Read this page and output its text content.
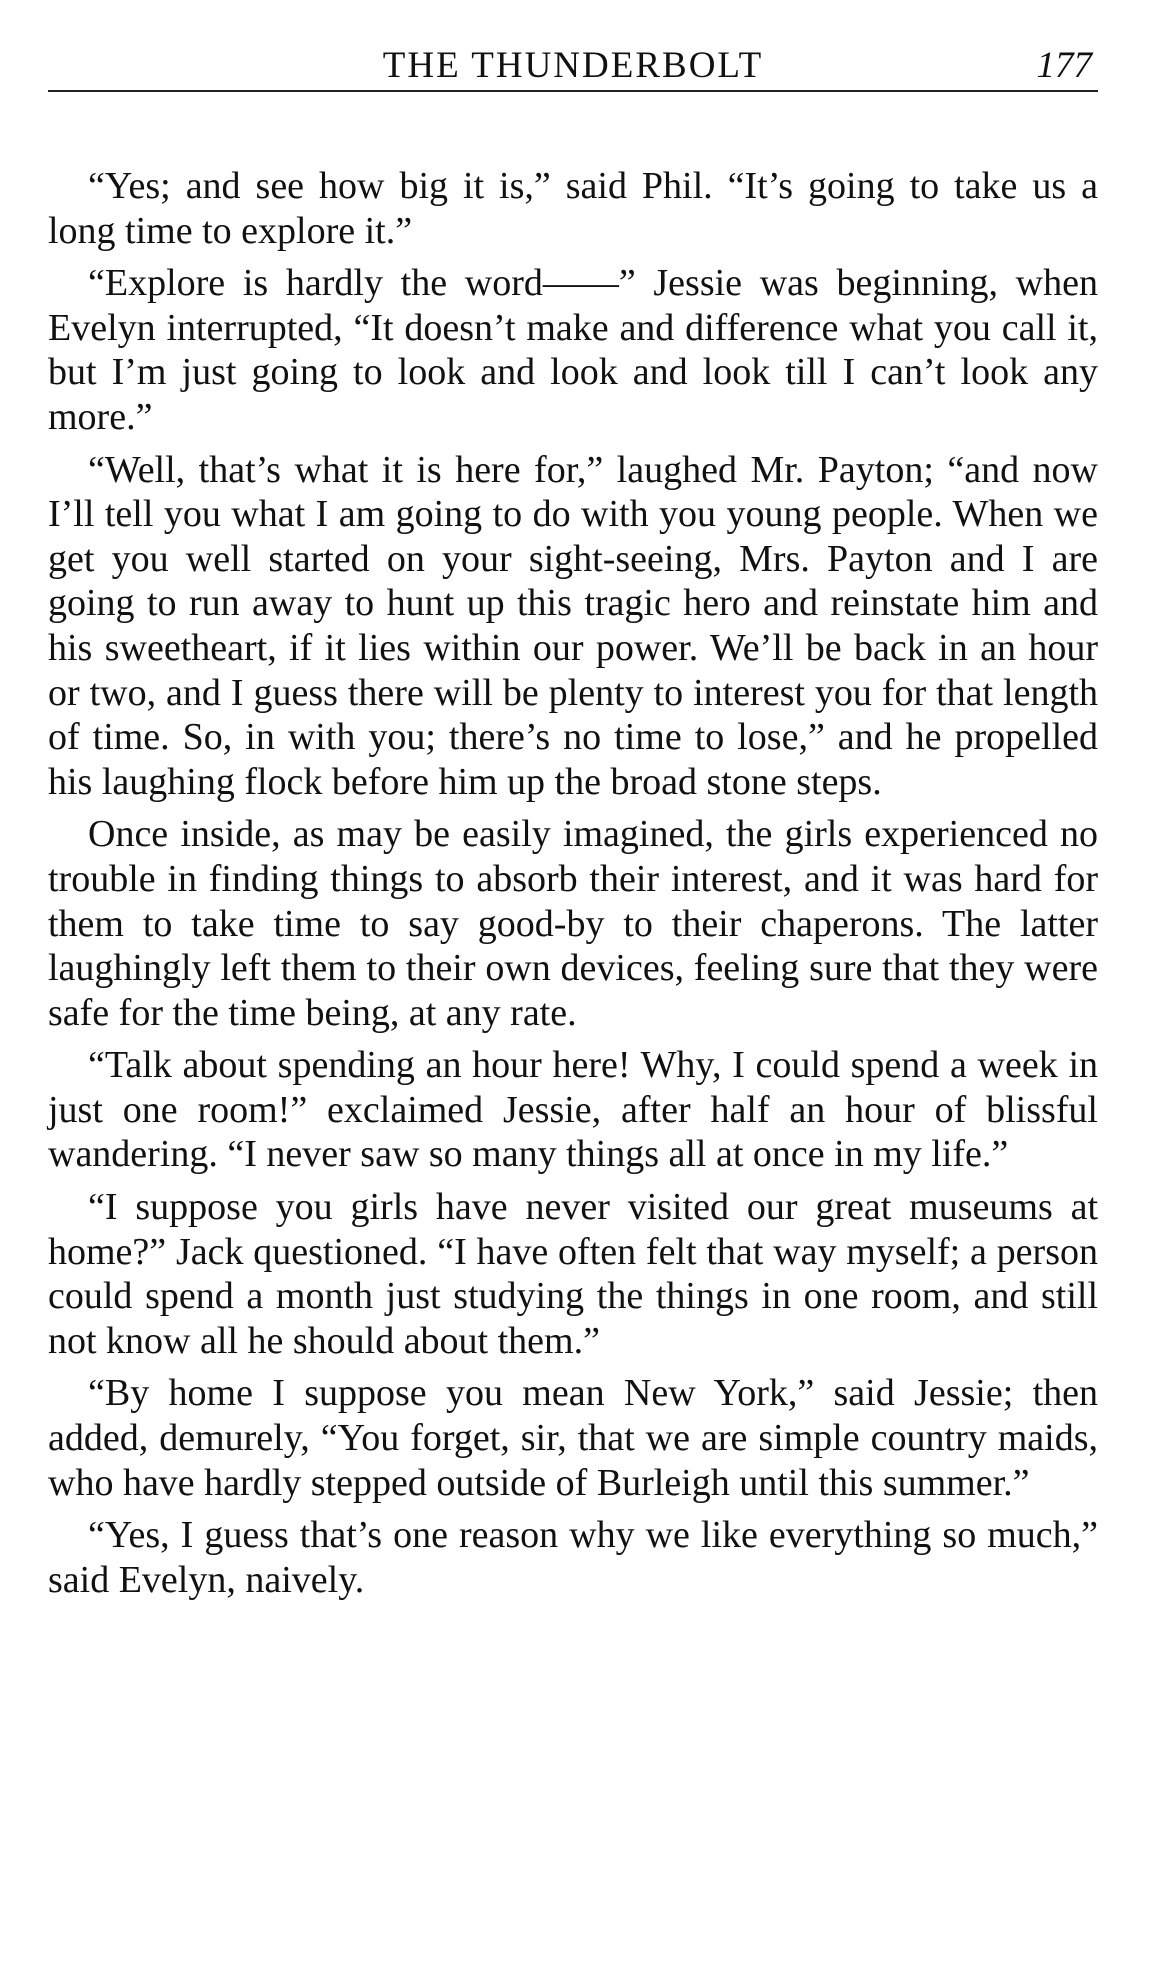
THE THUNDERBOLT	177

“Yes; and see how big it is,” said Phil. “It’s going to take us a long time to explore it.”

“Explore is hardly the word——” Jessie was beginning, when Evelyn interrupted, “It doesn’t make and difference what you call it, but I’m just going to look and look and look till I can’t look any more.”

“Well, that’s what it is here for,” laughed Mr. Payton; “and now I’ll tell you what I am going to do with you young people. When we get you well started on your sight-seeing, Mrs. Payton and I are going to run away to hunt up this tragic hero and reinstate him and his sweetheart, if it lies within our power. We’ll be back in an hour or two, and I guess there will be plenty to interest you for that length of time. So, in with you; there’s no time to lose,” and he propelled his laughing flock before him up the broad stone steps.

Once inside, as may be easily imagined, the girls experienced no trouble in finding things to absorb their interest, and it was hard for them to take time to say good-by to their chaperons. The latter laughingly left them to their own devices, feeling sure that they were safe for the time being, at any rate.

“Talk about spending an hour here! Why, I could spend a week in just one room!” exclaimed Jessie, after half an hour of blissful wandering. “I never saw so many things all at once in my life.”

“I suppose you girls have never visited our great museums at home?” Jack questioned. “I have often felt that way myself; a person could spend a month just studying the things in one room, and still not know all he should about them.”

“By home I suppose you mean New York,” said Jessie; then added, demurely, “You forget, sir, that we are simple country maids, who have hardly stepped outside of Burleigh until this summer.”

“Yes, I guess that’s one reason why we like everything so much,” said Evelyn, naively.
